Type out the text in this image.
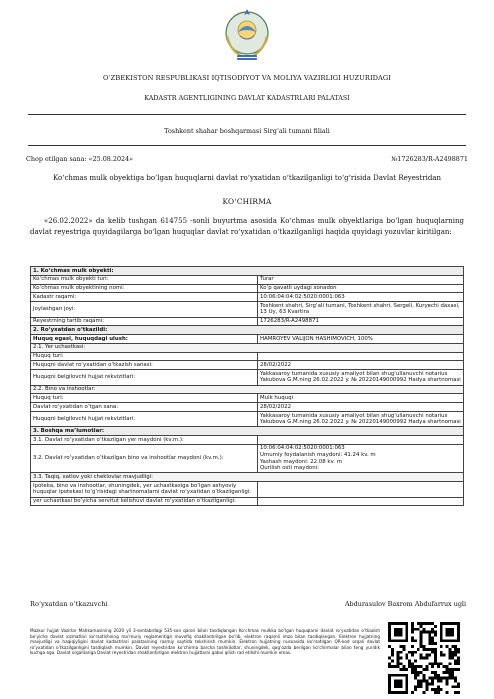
O‘ZBEKISTON RESPUBLIKASI IQTISODIYOT VA MOLIYA VAZIRLIGI HUZURIDAGI
KADASTR AGENTLIGINING DAVLAT KADASTRLARI PALATASI
Toshkent shahar boshqarmasi Sirg‘ali tumani filiali
Chop etilgan sana: «25.08.2024»	№1726283/R-A2498871
Ko‘chmas mulk obyektiga bo‘lgan huquqlarni davlat ro‘yxatidan o‘tkazilganligi to‘g‘risida Davlat Reyestridan
KO‘CHIRMA
«26.02.2022» da kelib tushgan 614755 -sonli buyurtma asosida Ko‘chmas mulk obyektlariga bo‘lgan huquqlarning davlat reyestriga quyidagilarga bo‘lgan huquqlar davlat ro‘yxatidan o‘tkazilganligi haqida quyidagi yozuvlar kiritilgan:
1. Ko‘chmas mulk obyekti:	
Ko‘chmas mulk obyekti turi:	Turar
Ko‘chmas mulk obyektining nomi:	Ko‘p qavatli uydagi xonadon
Kadastr raqami:	10:06:04:04:02:5020:0001:063
Joylashgan joyi:	Toshkent shahri, Sirg‘ali tumani, Toshkent shahri, Sergeli, Kurувchi daxasi, 13 Uy, 63 Kvartira
Reyestrning tartib raqami:	1726283/R-A2498871
2. Ro‘yxatdan o‘tkazildi:	
Huquq egasi, huquqdagi ulush:	HAMROYEV VALIJON HASHIMOVICH, 100%
2.1. Yer uchastkasi:	
Huquq turi:	
Huquqni davlat ro‘yxatidan o‘tkazish sanasi:	28/02/2022
Huquqni belgilovchi hujjat rekvizitlari:	Yakkasaroy tumanida xususiy amaliyot bilan shug‘ullanuvchi notarius Yakubova G.M.ning 26.02.2022 y. № 20220149000992 Hadya shartnomasi
2.2. Bino va inshootlar:	
Huquq turi:	Mulk huquqi
Davlat ro‘yxatidan o‘tgan sana:	28/02/2022
Huquqni belgilovchi hujjat rekvizitlari:	Yakkasaroy tumanida xususiy amaliyot bilan shug‘ullanuvchi notarius Yakubova G.M.ning 26.02.2022 y. № 20220149000992 Hadya shartnomasi
3. Boshqa ma’lumotlar:	
3.1. Davlat ro‘yxatidan o‘tkazilgan yer maydoni (kv.m.):	
3.2. Davlat ro‘yxatidan o‘tkazilgan bino va inshootlar maydoni (kv.m.):	10:06:04:04:02:5020:0001:063
Umumiy foydalanish maydoni: 41.24 kv. m
Yashash maydoni: 22.08 kv. m
Qurilish osti maydoni:
3.3. Taqiq, xatlov yoki cheklovlar mavjudligi:	
Ipoteka, bino va inshootlar, shuningdek, yer uchastkasiga bo‘lgan ashyoviy huquqlar ipotekasi to‘g‘risidagi shartnomalarni davlat ro‘yxatidan o‘tkazilganligi:	
yer uchastkasi bo‘yicha servitut kelishuvi davlat ro‘yxatidan o‘tkazilganligi:	
Ro‘yxatdan o‘tkazuvchi	Abdurasulov Baxrom Abdufarrux ugli
Mazkur hujjat Vazirlar Mahkamasining 2020 yil 3-sentabrdagi 535-son qarori bilan tasdiqlangan Ko‘chmas mulkka bo‘lgan huquqlarni davlat ro‘yxatidan o‘tkazish bo‘yicha davlat xizmatlari ko‘rsatishning ma’muriy reglamentiga muvofiq shakllantirilgan bo‘lib, elektron raqamli imzo bilan tasdiqlangan. Elektron hujjatning mavjudligi va haqiqiyligini davlat kadastrlari palatasining rasmiy saytida tekshirish mumkin. Elektron hujjatning nusxasida ko‘rsatilgan QR-kod orqali davlat ro‘yxatidan o‘tkazilganligini tasdiqlash mumkin. Davlat reyestridan ko‘chirma barcha tashkilotlar, shuningdek, qog‘ozda berilgan ko‘chirmalar bilan teng yuridik kuchga ega. Davlat organlariga Davlat reyestridan shakllantirilgan elektron hujjatlarni qabul qilish rad etilishi mumkin emas.
